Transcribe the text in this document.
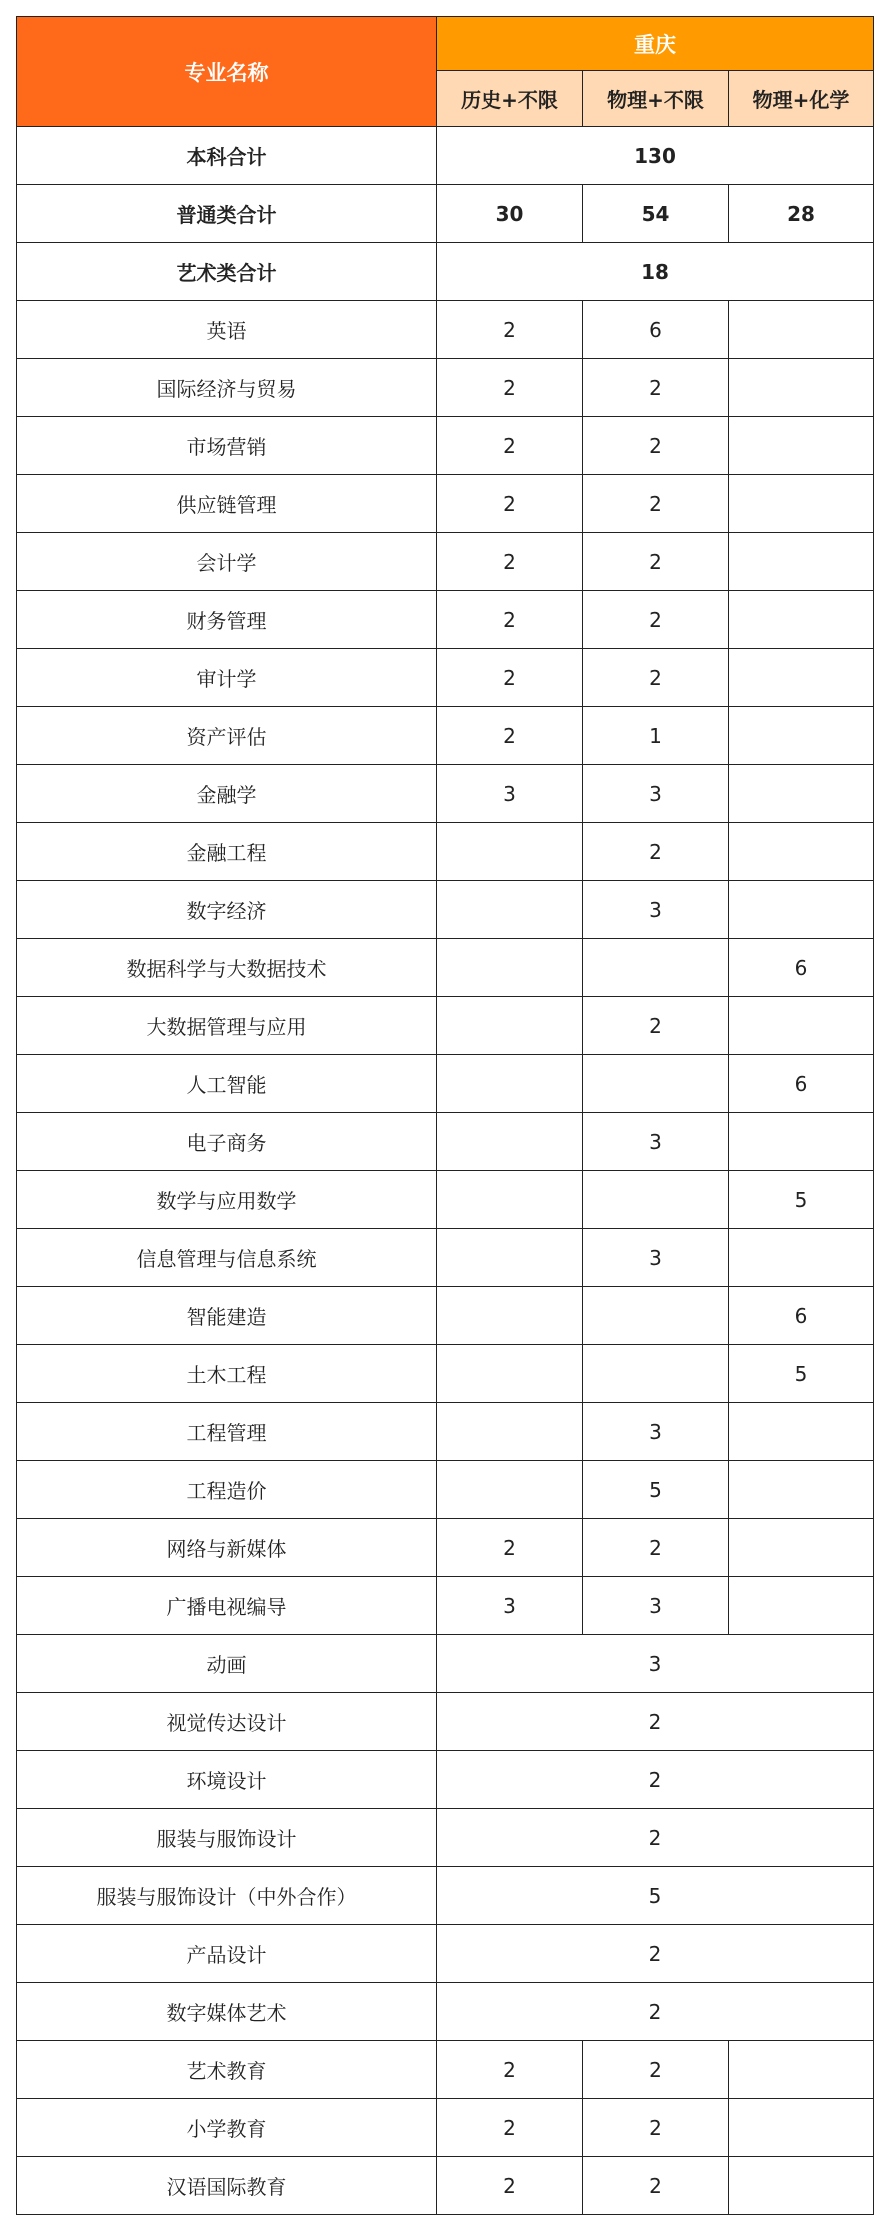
专业名称	重庆		
	历史+不限	物理+不限	物理+化学
本科合计	130		
普通类合计	30	54	28
艺术类合计	18		
英语	2	6	
国际经济与贸易	2	2	
市场营销	2	2	
供应链管理	2	2	
会计学	2	2	
财务管理	2	2	
审计学	2	2	
资产评估	2	1	
金融学	3	3	
金融工程		2	
数字经济		3	
数据科学与大数据技术			6
大数据管理与应用		2	
人工智能			6
电子商务		3	
数学与应用数学			5
信息管理与信息系统		3	
智能建造			6
土木工程			5
工程管理		3	
工程造价		5	
网络与新媒体	2	2	
广播电视编导	3	3	
动画	3		
视觉传达设计	2		
环境设计	2		
服装与服饰设计	2		
服装与服饰设计（中外合作）	5		
产品设计	2		
数字媒体艺术	2		
艺术教育	2	2	
小学教育	2	2	
汉语国际教育	2	2	
